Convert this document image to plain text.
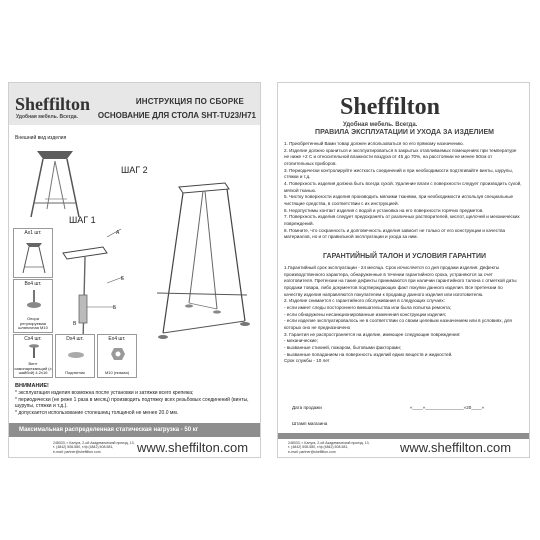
Sheffilton
Удобная мебель. Всегда.
ИНСТРУКЦИЯ ПО СБОРКЕ
ОСНОВАНИЕ ДЛЯ СТОЛА SHT-TU23/H71
Внешний вид изделия
ШАГ 2
ШАГ 1
А
Е
Б
В
Ах1 шт.
Вх4 шт.
Опора регулируемая шляпочная М10
Сх4 шт.
Винт самонарезающий (с шайбой) 4.2х16
Dх4 шт.
Подпятник
Ех4 шт.
М10 (низкая)
ВНИМАНИЕ!
* эксплуатация изделия возможна после установки и затяжки всего крепежа;
* периодически (не реже 1 раза в месяц) производить подтяжку всех резьбовых соединений (винты, шурупы, стяжки и т.д.).
* допускается использование столешниц толщиной не менее 20.0 мм.
Максимальная распределенная статическая нагрузка - 50 кг
248033, г. Калуга, 2-ой Академический проезд, 13,
т. (4842) 508-580, т/ф (4842) 508-581,
e-mail: partner@sheffilton.com	www.sheffilton.com
Sheffilton
Удобная мебель. Всегда.
ПРАВИЛА ЭКСПЛУАТАЦИИ И УХОДА ЗА ИЗДЕЛИЕМ

1. Приобретенный Вами товар должен использоваться по его прямому назначению.

2. Изделие должно храниться и эксплуатироваться в закрытых отапливаемых помещениях при температуре не ниже +2 С и относительной влажности воздуха от 45 до 70%, на расстоянии не менее 50см от отопительных приборов.

3. Периодически контролируйте жесткость соединений и при необходимости подтягивайте винты, шурупы, стяжки и т.д.

4. Поверхность изделия должна быть всегда сухой. Удаление влаги с поверхности следует производить сухой, мягкой тканью.

5. Чистку поверхности изделия производить мягкими тканями, при необходимости используя специальные чистящие средства, в соответствии с их инструкцией.

6. Недопустимы контакт изделия с водой и установка на его поверхности горячих предметов.

7. Поверхность изделия следует предохранять от различных растворителей, кислот, щелочей и механических повреждений.

8. Помните, что сохранность и долговечность изделия зависит не только от его конструкции и качества материалов, но и от правильной эксплуатации и ухода за ним.

ГАРАНТИЙНЫЙ ТАЛОН И УСЛОВИЯ ГАРАНТИИ

1.Гарантийный срок эксплуатации - 24 месяца. Срок исчисляется со дня продажи изделия. Дефекты производственного характера, обнаруженные в течении гарантийного срока, устраняются за счет изготовителя. Претензии на такие дефекты принимаются при наличии гарантийного талона с отметкой даты продажи товара, либо документов подтверждающих факт покупки данного изделия. Все претензии по качеству изделия направляются покупателем к продавцу данного изделия или изготовителю.

2. Изделие снимается с гарантийного обслуживания в следующих случаях:

- если имеет следы постороннего вмешательства или была попытка ремонта;

- если обнаружены несанкционированные изменения конструкции изделия;

- если изделие эксплуатировалось не в соответствии со своим целевым назначением или в условиях, для которых оно не предназначено

3. Гарантия не распространяется на изделие, имеющее следующие повреждения:

- механические;

- вызванные стихией, пожаром, бытовыми факторами;

- вызванные попаданием на поверхность изделий едких веществ и жидкостей.

Срок службы - 10 лет

Дата продажи	«____»_______________«20____»
Штамп магазина
248033, г. Калуга, 2-ой Академический проезд, 13,
т. (4842) 508-580, т/ф (4842) 508-581,
e-mail: partner@sheffilton.com	www.sheffilton.com
